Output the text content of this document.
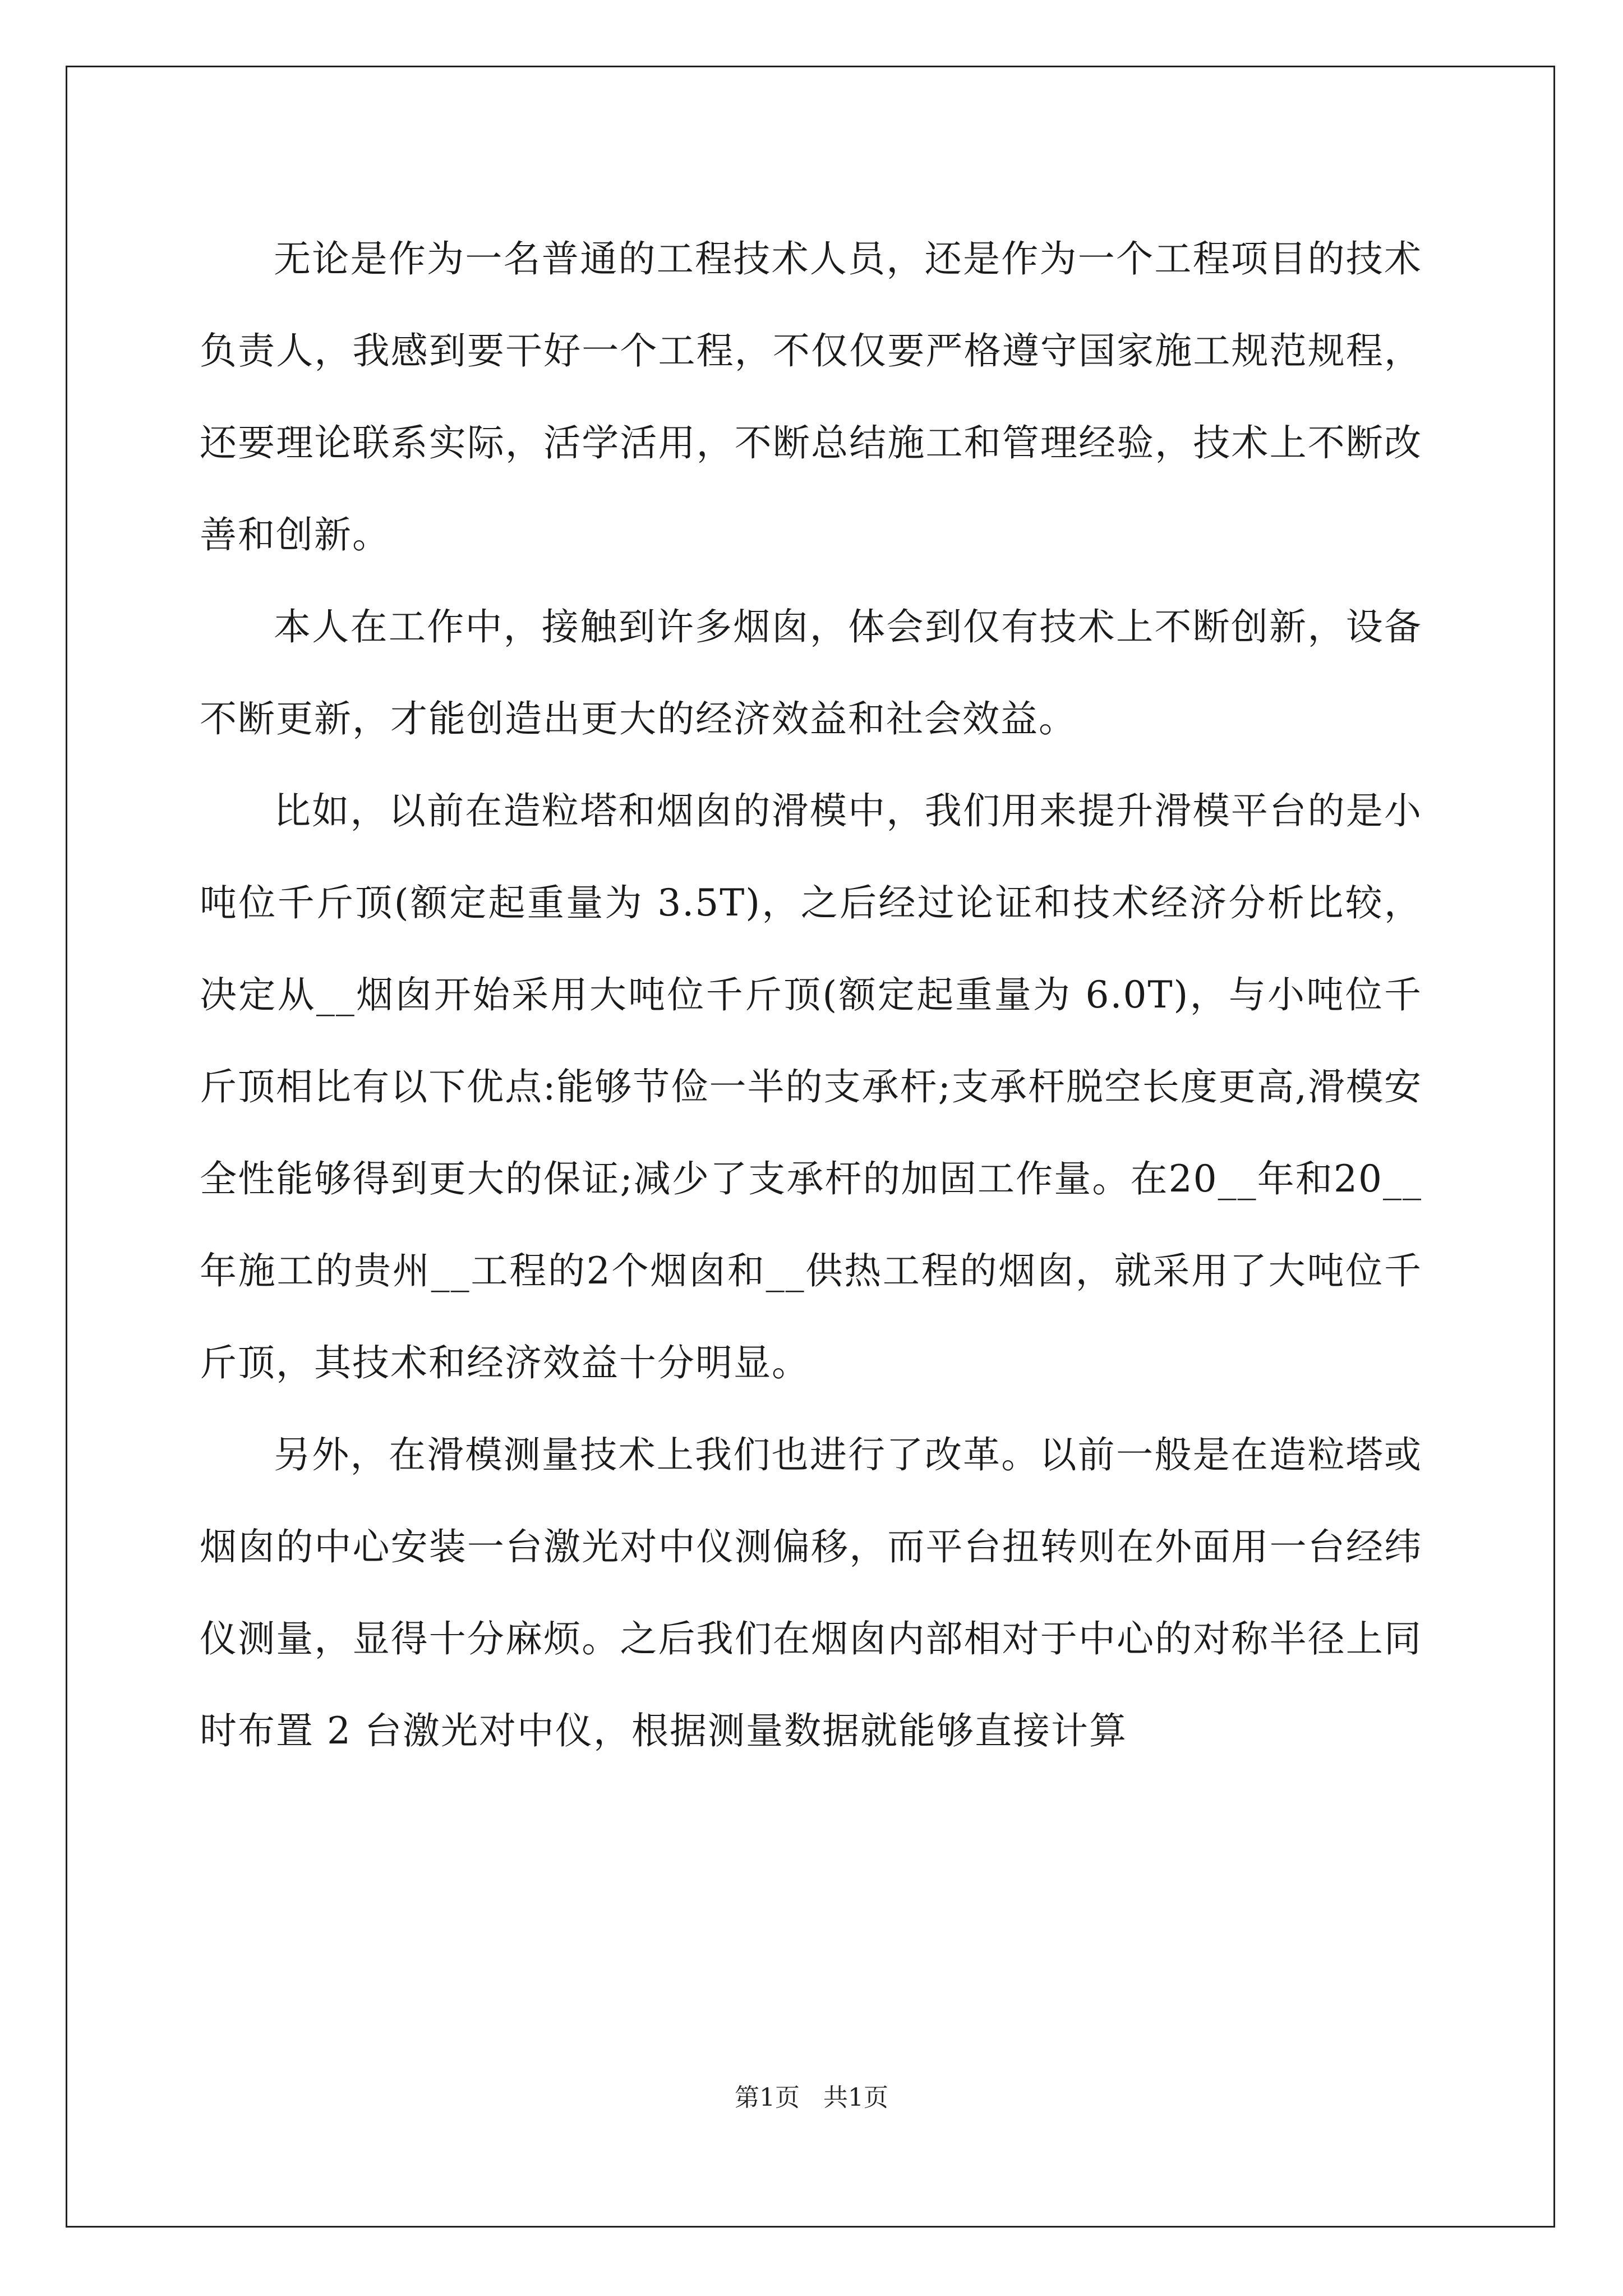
无论是作为一名普通的工程技术人员，还是作为一个工程项目的技术负责人，我感到要干好一个工程，不仅仅要严格遵守国家施工规范规程，还要理论联系实际，活学活用，不断总结施工和管理经验，技术上不断改善和创新。

本人在工作中，接触到许多烟囱，体会到仅有技术上不断创新，设备不断更新，才能创造出更大的经济效益和社会效益。

比如，以前在造粒塔和烟囱的滑模中，我们用来提升滑模平台的是小吨位千斤顶(额定起重量为 3.5T)，之后经过论证和技术经济分析比较，决定从__烟囱开始采用大吨位千斤顶(额定起重量为 6.0T)，与小吨位千斤顶相比有以下优点:能够节俭一半的支承杆;支承杆脱空长度更高,滑模安全性能够得到更大的保证;减少了支承杆的加固工作量。在20__年和20__年施工的贵州__工程的2个烟囱和__供热工程的烟囱，就采用了大吨位千斤顶，其技术和经济效益十分明显。

另外，在滑模测量技术上我们也进行了改革。以前一般是在造粒塔或烟囱的中心安装一台激光对中仪测偏移，而平台扭转则在外面用一台经纬仪测量，显得十分麻烦。之后我们在烟囱内部相对于中心的对称半径上同时布置 2 台激光对中仪，根据测量数据就能够直接计算

第1页 共1页
